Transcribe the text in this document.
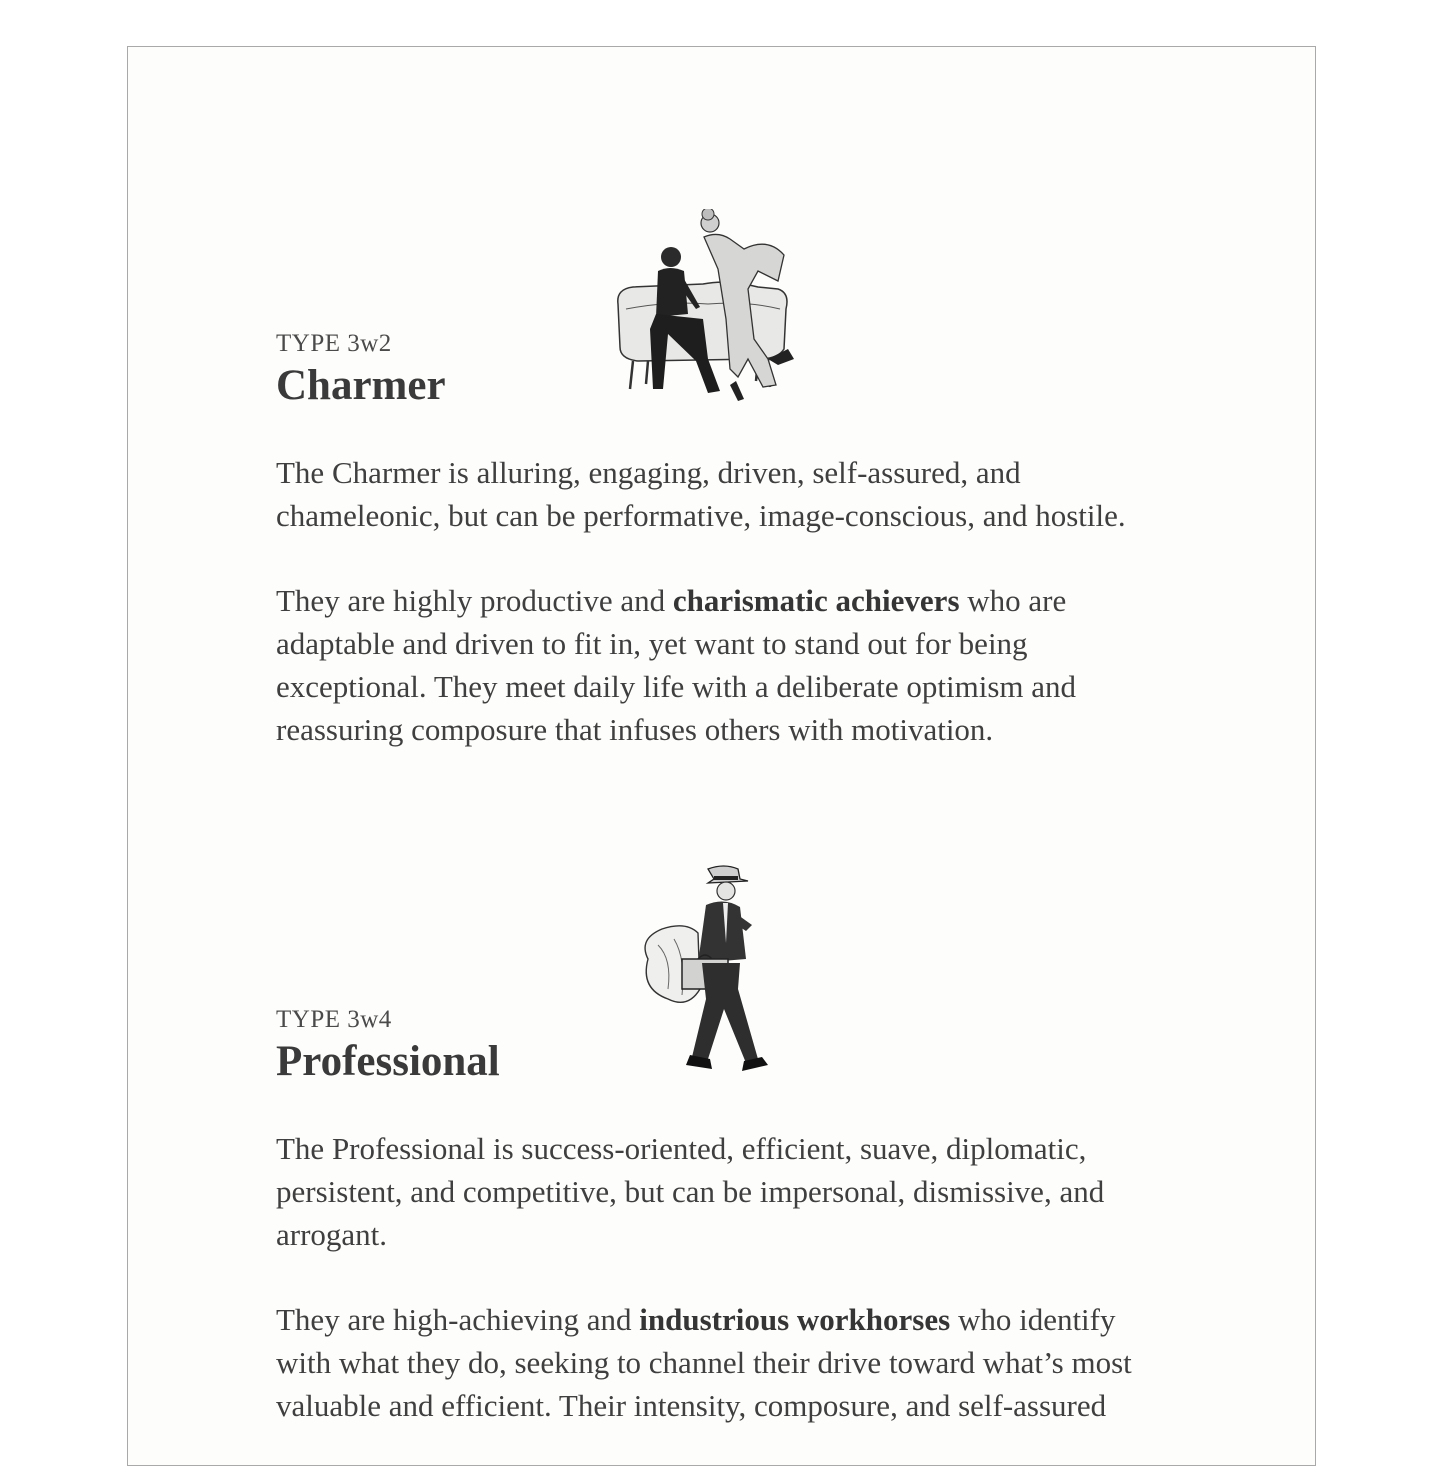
TYPE 3w2

Charmer

The Charmer is alluring, engaging, driven, self-assured, and chameleonic, but can be performative, image-conscious, and hostile.

They are highly productive and charismatic achievers who are adaptable and driven to fit in, yet want to stand out for being exceptional. They meet daily life with a deliberate optimism and reassuring composure that infuses others with motivation.

TYPE 3w4

Professional

The Professional is success-oriented, efficient, suave, diplomatic, persistent, and competitive, but can be impersonal, dismissive, and arrogant.

They are high-achieving and industrious workhorses who identify with what they do, seeking to channel their drive toward what’s most valuable and efficient. Their intensity, composure, and self-assured
